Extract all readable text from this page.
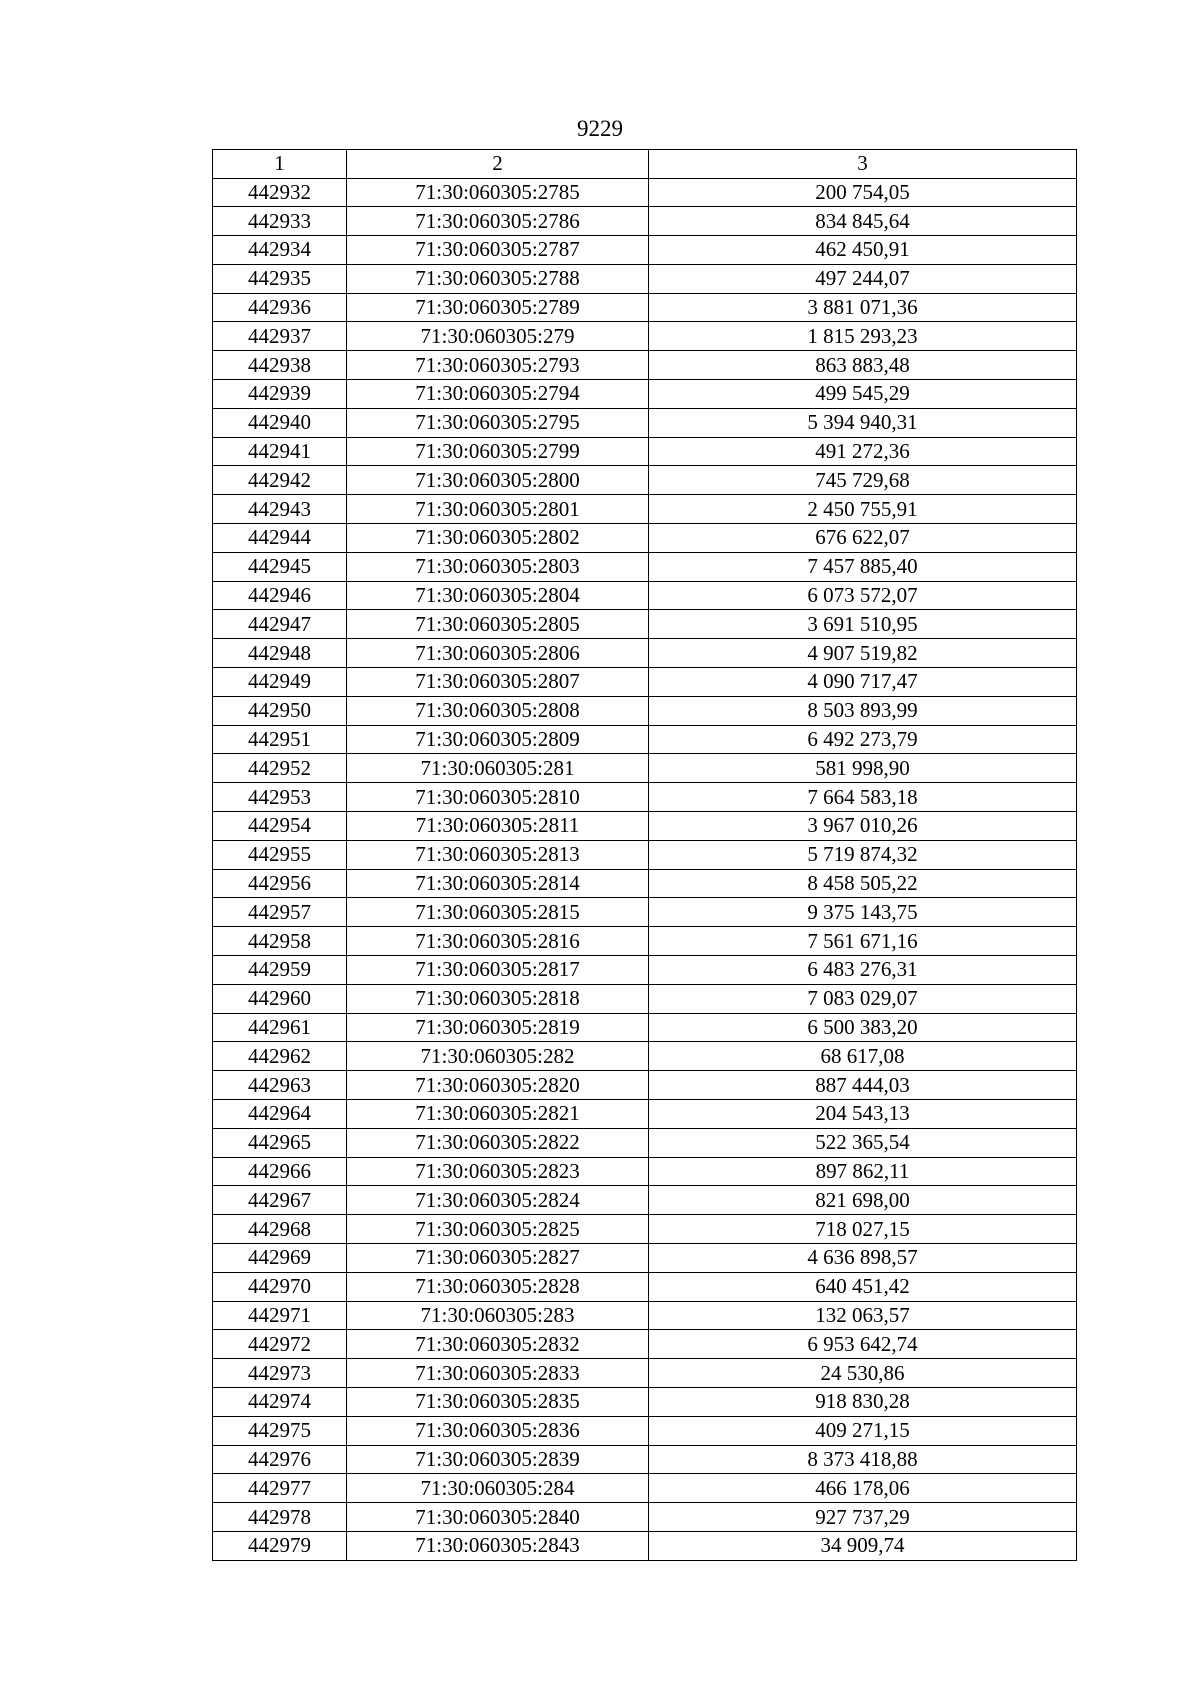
9229
1	2	3
442932	71:30:060305:2785	200 754,05
442933	71:30:060305:2786	834 845,64
442934	71:30:060305:2787	462 450,91
442935	71:30:060305:2788	497 244,07
442936	71:30:060305:2789	3 881 071,36
442937	71:30:060305:279	1 815 293,23
442938	71:30:060305:2793	863 883,48
442939	71:30:060305:2794	499 545,29
442940	71:30:060305:2795	5 394 940,31
442941	71:30:060305:2799	491 272,36
442942	71:30:060305:2800	745 729,68
442943	71:30:060305:2801	2 450 755,91
442944	71:30:060305:2802	676 622,07
442945	71:30:060305:2803	7 457 885,40
442946	71:30:060305:2804	6 073 572,07
442947	71:30:060305:2805	3 691 510,95
442948	71:30:060305:2806	4 907 519,82
442949	71:30:060305:2807	4 090 717,47
442950	71:30:060305:2808	8 503 893,99
442951	71:30:060305:2809	6 492 273,79
442952	71:30:060305:281	581 998,90
442953	71:30:060305:2810	7 664 583,18
442954	71:30:060305:2811	3 967 010,26
442955	71:30:060305:2813	5 719 874,32
442956	71:30:060305:2814	8 458 505,22
442957	71:30:060305:2815	9 375 143,75
442958	71:30:060305:2816	7 561 671,16
442959	71:30:060305:2817	6 483 276,31
442960	71:30:060305:2818	7 083 029,07
442961	71:30:060305:2819	6 500 383,20
442962	71:30:060305:282	68 617,08
442963	71:30:060305:2820	887 444,03
442964	71:30:060305:2821	204 543,13
442965	71:30:060305:2822	522 365,54
442966	71:30:060305:2823	897 862,11
442967	71:30:060305:2824	821 698,00
442968	71:30:060305:2825	718 027,15
442969	71:30:060305:2827	4 636 898,57
442970	71:30:060305:2828	640 451,42
442971	71:30:060305:283	132 063,57
442972	71:30:060305:2832	6 953 642,74
442973	71:30:060305:2833	24 530,86
442974	71:30:060305:2835	918 830,28
442975	71:30:060305:2836	409 271,15
442976	71:30:060305:2839	8 373 418,88
442977	71:30:060305:284	466 178,06
442978	71:30:060305:2840	927 737,29
442979	71:30:060305:2843	34 909,74
